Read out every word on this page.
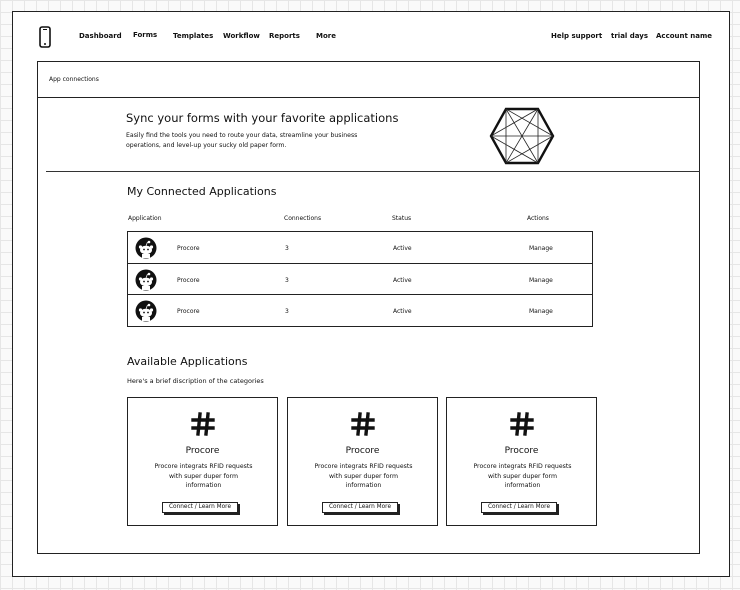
Dashboard Forms Templates Workflow Reports More	Help support trial days Account name
App connections
Sync your forms with your favorite applications
Easily find the tools you need to route your data, streamline your business operations, and level-up your sucky old paper form.
My Connected Applications
Application	Connections	Status	Actions
Procore	3	Active	Manage
Procore	3	Active	Manage
Procore	3	Active	Manage
Available Applications
Here's a brief discription of the categories
Procore
Procore integrats RFID requests with super duper form information
Connect / Learn More
Procore
Procore integrats RFID requests with super duper form information
Connect / Learn More
Procore
Procore integrats RFID requests with super duper form information
Connect / Learn More
